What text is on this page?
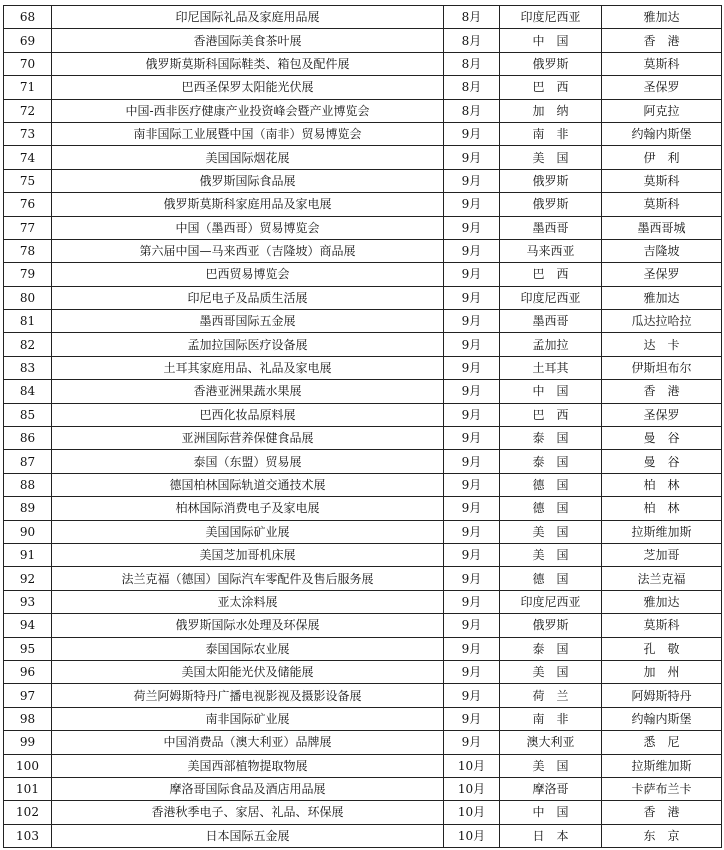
68	印尼国际礼品及家庭用品展	8月	印度尼西亚	雅加达
69	香港国际美食茶叶展	8月	中　国	香　港
70	俄罗斯莫斯科国际鞋类、箱包及配件展	8月	俄罗斯	莫斯科
71	巴西圣保罗太阳能光伏展	8月	巴　西	圣保罗
72	中国-西非医疗健康产业投资峰会暨产业博览会	8月	加　纳	阿克拉
73	南非国际工业展暨中国（南非）贸易博览会	9月	南　非	约翰内斯堡
74	美国国际烟花展	9月	美　国	伊　利
75	俄罗斯国际食品展	9月	俄罗斯	莫斯科
76	俄罗斯莫斯科家庭用品及家电展	9月	俄罗斯	莫斯科
77	中国（墨西哥）贸易博览会	9月	墨西哥	墨西哥城
78	第六届中国—马来西亚（吉隆坡）商品展	9月	马来西亚	吉隆坡
79	巴西贸易博览会	9月	巴　西	圣保罗
80	印尼电子及品质生活展	9月	印度尼西亚	雅加达
81	墨西哥国际五金展	9月	墨西哥	瓜达拉哈拉
82	孟加拉国际医疗设备展	9月	孟加拉	达　卡
83	土耳其家庭用品、礼品及家电展	9月	土耳其	伊斯坦布尔
84	香港亚洲果蔬水果展	9月	中　国	香　港
85	巴西化妆品原料展	9月	巴　西	圣保罗
86	亚洲国际营养保健食品展	9月	泰　国	曼　谷
87	泰国（东盟）贸易展	9月	泰　国	曼　谷
88	德国柏林国际轨道交通技术展	9月	德　国	柏　林
89	柏林国际消费电子及家电展	9月	德　国	柏　林
90	美国国际矿业展	9月	美　国	拉斯维加斯
91	美国芝加哥机床展	9月	美　国	芝加哥
92	法兰克福（德国）国际汽车零配件及售后服务展	9月	德　国	法兰克福
93	亚太涂料展	9月	印度尼西亚	雅加达
94	俄罗斯国际水处理及环保展	9月	俄罗斯	莫斯科
95	泰国国际农业展	9月	泰　国	孔　敬
96	美国太阳能光伏及储能展	9月	美　国	加　州
97	荷兰阿姆斯特丹广播电视影视及摄影设备展	9月	荷　兰	阿姆斯特丹
98	南非国际矿业展	9月	南　非	约翰内斯堡
99	中国消费品（澳大利亚）品牌展	9月	澳大利亚	悉　尼
100	美国西部植物提取物展	10月	美　国	拉斯维加斯
101	摩洛哥国际食品及酒店用品展	10月	摩洛哥	卡萨布兰卡
102	香港秋季电子、家居、礼品、环保展	10月	中　国	香　港
103	日本国际五金展	10月	日　本	东　京
